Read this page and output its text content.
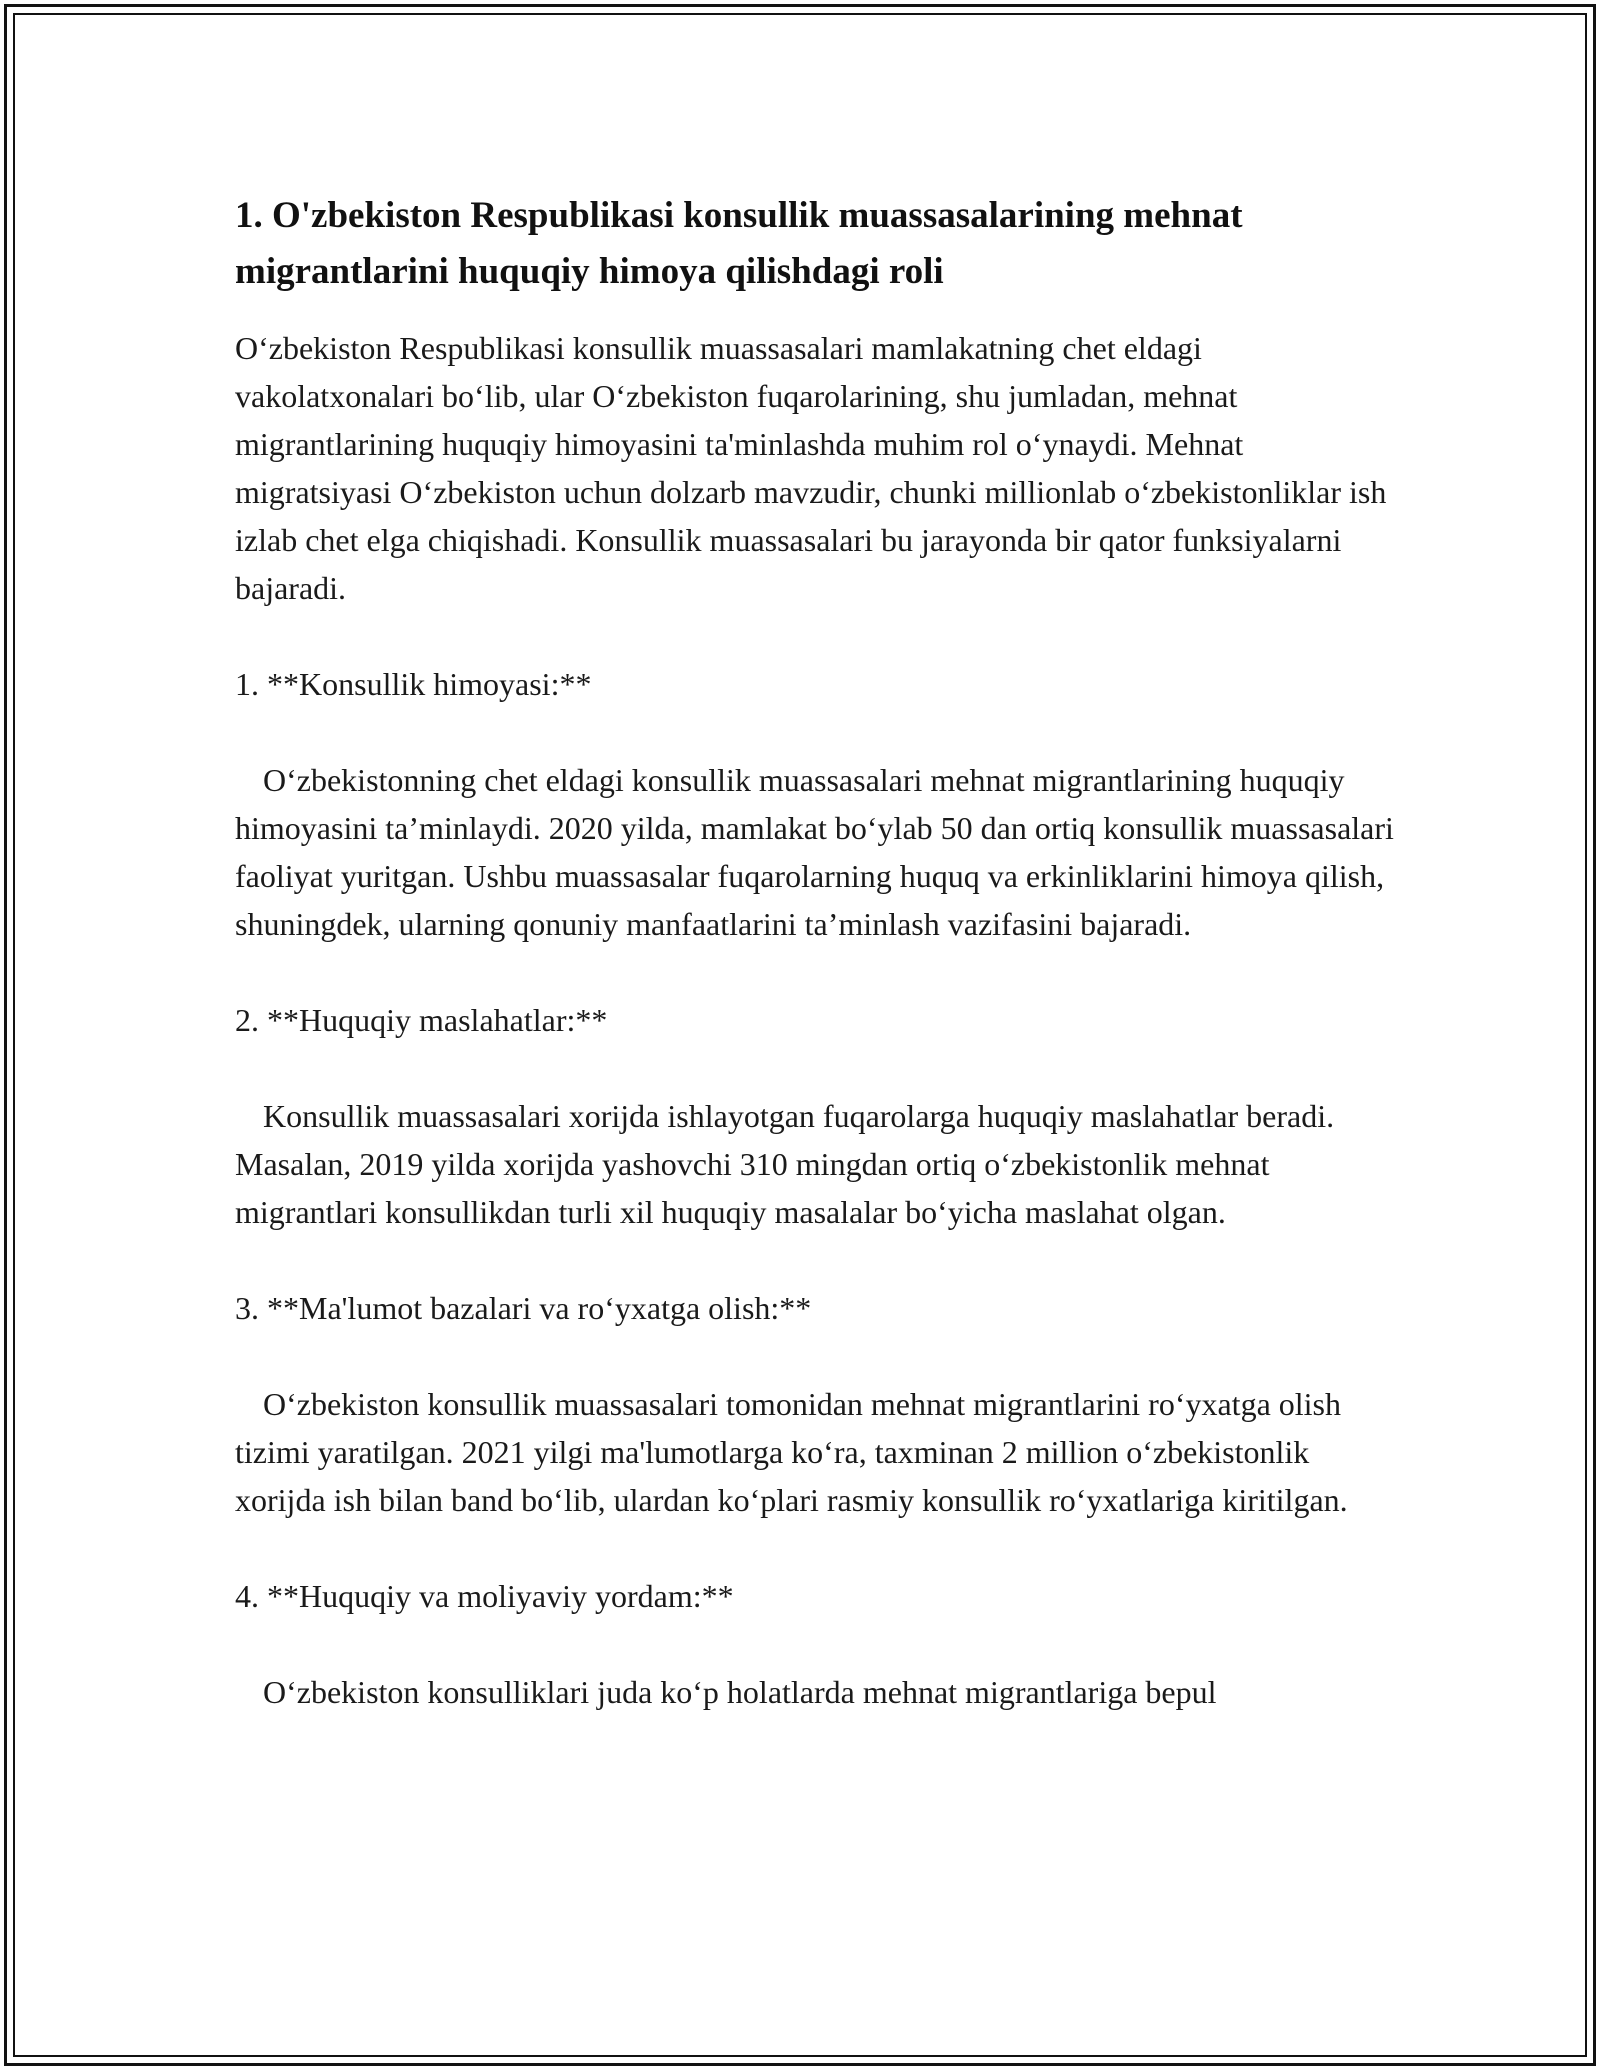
1. O'zbekiston Respublikasi konsullik muassasalarining mehnat migrantlarini huquqiy himoya qilishdagi roli

O‘zbekiston Respublikasi konsullik muassasalari mamlakatning chet eldagi vakolatxonalari bo‘lib, ular O‘zbekiston fuqarolarining, shu jumladan, mehnat migrantlarining huquqiy himoyasini ta'minlashda muhim rol o‘ynaydi. Mehnat migratsiyasi O‘zbekiston uchun dolzarb mavzudir, chunki millionlab o‘zbekistonliklar ish izlab chet elga chiqishadi. Konsullik muassasalari bu jarayonda bir qator funksiyalarni bajaradi.

1. **Konsullik himoyasi:**

O‘zbekistonning chet eldagi konsullik muassasalari mehnat migrantlarining huquqiy himoyasini ta’minlaydi. 2020 yilda, mamlakat bo‘ylab 50 dan ortiq konsullik muassasalari faoliyat yuritgan. Ushbu muassasalar fuqarolarning huquq va erkinliklarini himoya qilish, shuningdek, ularning qonuniy manfaatlarini ta’minlash vazifasini bajaradi.

2. **Huquqiy maslahatlar:**

Konsullik muassasalari xorijda ishlayotgan fuqarolarga huquqiy maslahatlar beradi. Masalan, 2019 yilda xorijda yashovchi 310 mingdan ortiq o‘zbekistonlik mehnat migrantlari konsullikdan turli xil huquqiy masalalar bo‘yicha maslahat olgan.

3. **Ma'lumot bazalari va ro‘yxatga olish:**

O‘zbekiston konsullik muassasalari tomonidan mehnat migrantlarini ro‘yxatga olish tizimi yaratilgan. 2021 yilgi ma'lumotlarga ko‘ra, taxminan 2 million o‘zbekistonlik xorijda ish bilan band bo‘lib, ulardan ko‘plari rasmiy konsullik ro‘yxatlariga kiritilgan.

4. **Huquqiy va moliyaviy yordam:**

O‘zbekiston konsulliklari juda ko‘p holatlarda mehnat migrantlariga bepul
